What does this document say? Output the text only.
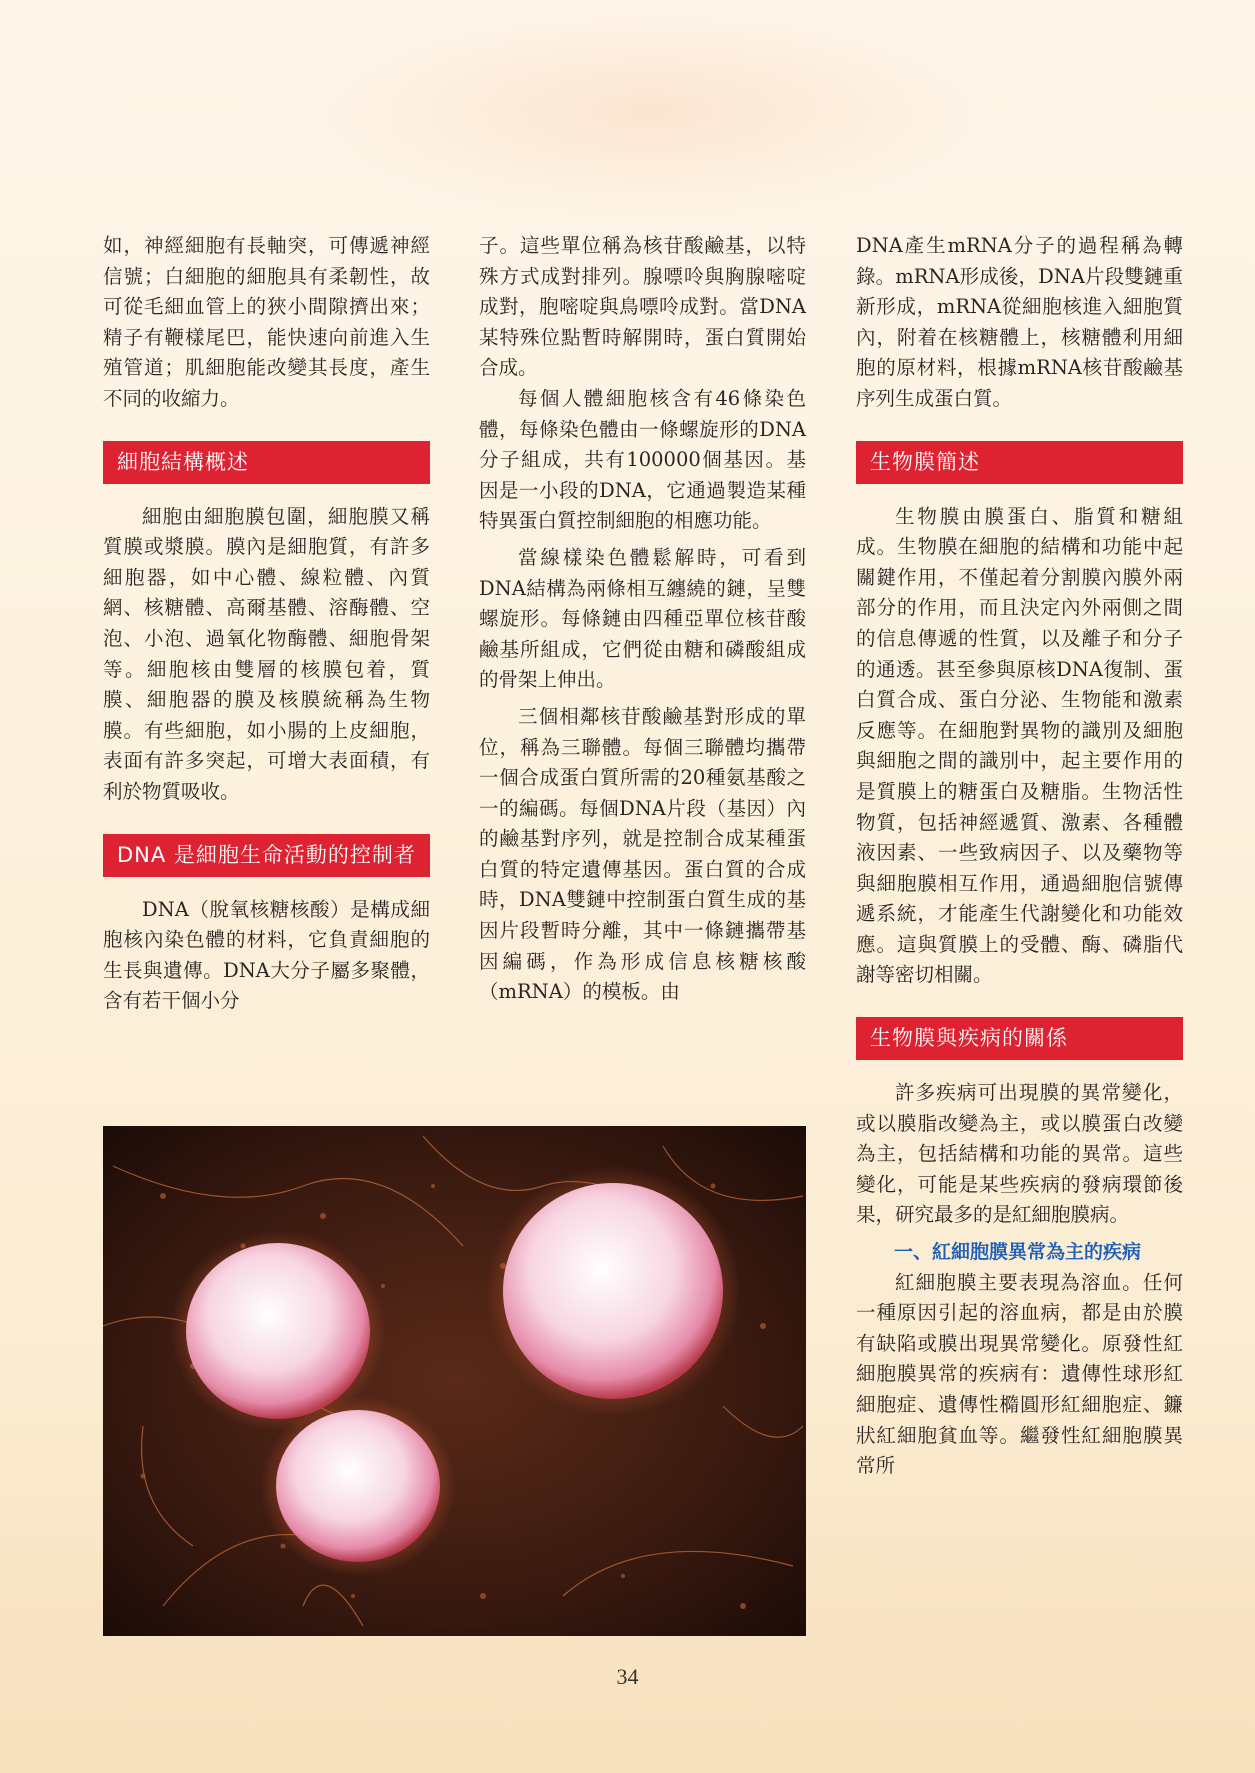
如，神經細胞有長軸突，可傳遞神經信號；白細胞的細胞具有柔韌性，故可從毛細血管上的狹小間隙擠出來；精子有鞭樣尾巴，能快速向前進入生殖管道；肌細胞能改變其長度，產生不同的收縮力。

細胞結構概述

細胞由細胞膜包圍，細胞膜又稱質膜或漿膜。膜內是細胞質，有許多細胞器，如中心體、線粒體、內質網、核糖體、高爾基體、溶酶體、空泡、小泡、過氧化物酶體、細胞骨架等。細胞核由雙層的核膜包着，質膜、細胞器的膜及核膜統稱為生物膜。有些細胞，如小腸的上皮細胞，表面有許多突起，可增大表面積，有利於物質吸收。

DNA 是細胞生命活動的控制者

DNA（脫氧核糖核酸）是構成細胞核內染色體的材料，它負責細胞的生長與遺傳。DNA大分子屬多聚體，含有若干個小分

子。這些單位稱為核苷酸鹼基，以特殊方式成對排列。腺嘌呤與胸腺嘧啶成對，胞嘧啶與鳥嘌呤成對。當DNA某特殊位點暫時解開時，蛋白質開始合成。

每個人體細胞核含有46條染色體，每條染色體由一條螺旋形的DNA分子組成，共有100000個基因。基因是一小段的DNA，它通過製造某種特異蛋白質控制細胞的相應功能。

當線樣染色體鬆解時，可看到DNA結構為兩條相互纏繞的鏈，呈雙螺旋形。每條鏈由四種亞單位核苷酸鹼基所組成，它們從由糖和磷酸組成的骨架上伸出。

三個相鄰核苷酸鹼基對形成的單位，稱為三聯體。每個三聯體均攜帶一個合成蛋白質所需的20種氨基酸之一的編碼。每個DNA片段（基因）內的鹼基對序列，就是控制合成某種蛋白質的特定遺傳基因。蛋白質的合成時，DNA雙鏈中控制蛋白質生成的基因片段暫時分離，其中一條鏈攜帶基因編碼，作為形成信息核糖核酸（mRNA）的模板。由

DNA產生mRNA分子的過程稱為轉錄。mRNA形成後，DNA片段雙鏈重新形成，mRNA從細胞核進入細胞質內，附着在核糖體上，核糖體利用細胞的原材料，根據mRNA核苷酸鹼基序列生成蛋白質。

生物膜簡述

生物膜由膜蛋白、脂質和糖組成。生物膜在細胞的結構和功能中起關鍵作用，不僅起着分割膜內膜外兩部分的作用，而且決定內外兩側之間的信息傳遞的性質，以及離子和分子的通透。甚至參與原核DNA復制、蛋白質合成、蛋白分泌、生物能和激素反應等。在細胞對異物的識別及細胞與細胞之間的識別中，起主要作用的是質膜上的糖蛋白及糖脂。生物活性物質，包括神經遞質、激素、各種體液因素、一些致病因子、以及藥物等與細胞膜相互作用，通過細胞信號傳遞系統，才能產生代謝變化和功能效應。這與質膜上的受體、酶、磷脂代謝等密切相關。

生物膜與疾病的關係

許多疾病可出現膜的異常變化，或以膜脂改變為主，或以膜蛋白改變為主，包括結構和功能的異常。這些變化，可能是某些疾病的發病環節後果，研究最多的是紅細胞膜病。

一、紅細胞膜異常為主的疾病

紅細胞膜主要表現為溶血。任何一種原因引起的溶血病，都是由於膜有缺陷或膜出現異常變化。原發性紅細胞膜異常的疾病有：遺傳性球形紅細胞症、遺傳性橢圓形紅細胞症、鐮狀紅細胞貧血等。繼發性紅細胞膜異常所

34
